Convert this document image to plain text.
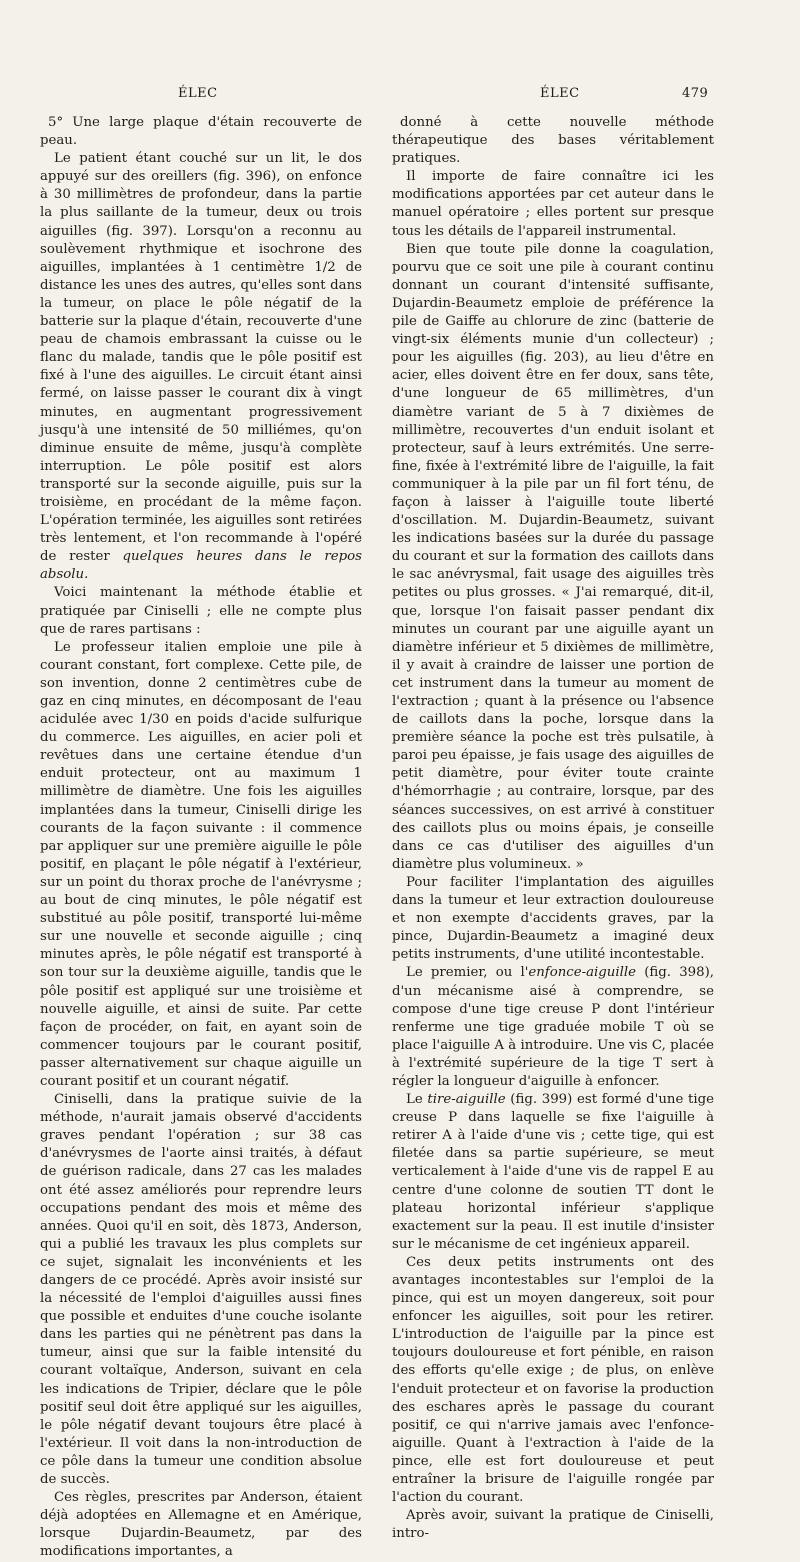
ÉLEC	ÉLEC	479

5° Une large plaque d'étain recouverte de peau.

Le patient étant couché sur un lit, le dos appuyé sur des oreillers (fig. 396), on enfonce à 30 millimètres de profondeur, dans la partie la plus saillante de la tumeur, deux ou trois aiguilles (fig. 397). Lorsqu'on a reconnu au soulèvement rhythmique et isochrone des aiguilles, implantées à 1 centimètre 1/2 de distance les unes des autres, qu'elles sont dans la tumeur, on place le pôle négatif de la batterie sur la plaque d'étain, recouverte d'une peau de chamois embrassant la cuisse ou le flanc du malade, tandis que le pôle positif est fixé à l'une des aiguilles. Le circuit étant ainsi fermé, on laisse passer le courant dix à vingt minutes, en augmentant progressivement jusqu'à une intensité de 50 milliémes, qu'on diminue ensuite de même, jusqu'à complète interruption. Le pôle positif est alors transporté sur la seconde aiguille, puis sur la troisième, en procédant de la même façon. L'opération terminée, les aiguilles sont retirées très lentement, et l'on recommande à l'opéré de rester quelques heures dans le repos absolu.

Voici maintenant la méthode établie et pratiquée par Ciniselli ; elle ne compte plus que de rares partisans :

Le professeur italien emploie une pile à courant constant, fort complexe. Cette pile, de son invention, donne 2 centimètres cube de gaz en cinq minutes, en décomposant de l'eau acidulée avec 1/30 en poids d'acide sulfurique du commerce. Les aiguilles, en acier poli et revêtues dans une certaine étendue d'un enduit protecteur, ont au maximum 1 millimètre de diamètre. Une fois les aiguilles implantées dans la tumeur, Ciniselli dirige les courants de la façon suivante : il commence par appliquer sur une première aiguille le pôle positif, en plaçant le pôle négatif à l'extérieur, sur un point du thorax proche de l'anévrysme ; au bout de cinq minutes, le pôle négatif est substitué au pôle positif, transporté lui-même sur une nouvelle et seconde aiguille ; cinq minutes après, le pôle négatif est transporté à son tour sur la deuxième aiguille, tandis que le pôle positif est appliqué sur une troisième et nouvelle aiguille, et ainsi de suite. Par cette façon de procéder, on fait, en ayant soin de commencer toujours par le courant positif, passer alternativement sur chaque aiguille un courant positif et un courant négatif.

Ciniselli, dans la pratique suivie de la méthode, n'aurait jamais observé d'accidents graves pendant l'opération ; sur 38 cas d'anévrysmes de l'aorte ainsi traités, à défaut de guérison radicale, dans 27 cas les malades ont été assez améliorés pour reprendre leurs occupations pendant des mois et même des années. Quoi qu'il en soit, dès 1873, Anderson, qui a publié les travaux les plus complets sur ce sujet, signalait les inconvénients et les dangers de ce procédé. Après avoir insisté sur la nécessité de l'emploi d'aiguilles aussi fines que possible et enduites d'une couche isolante dans les parties qui ne pénètrent pas dans la tumeur, ainsi que sur la faible intensité du courant voltaïque, Anderson, suivant en cela les indications de Tripier, déclare que le pôle positif seul doit être appliqué sur les aiguilles, le pôle négatif devant toujours être placé à l'extérieur. Il voit dans la non-introduction de ce pôle dans la tumeur une condition absolue de succès.

Ces règles, prescrites par Anderson, étaient déjà adoptées en Allemagne et en Amérique, lorsque Dujardin-Beaumetz, par des modifications importantes, a

donné à cette nouvelle méthode thérapeutique des bases véritablement pratiques.

Il importe de faire connaître ici les modifications apportées par cet auteur dans le manuel opératoire ; elles portent sur presque tous les détails de l'appareil instrumental.

Bien que toute pile donne la coagulation, pourvu que ce soit une pile à courant continu donnant un courant d'intensité suffisante, Dujardin-Beaumetz emploie de préférence la pile de Gaiffe au chlorure de zinc (batterie de vingt-six éléments munie d'un collecteur) ; pour les aiguilles (fig. 203), au lieu d'être en acier, elles doivent être en fer doux, sans tête, d'une longueur de 65 millimètres, d'un diamètre variant de 5 à 7 dixièmes de millimètre, recouvertes d'un enduit isolant et protecteur, sauf à leurs extrémités. Une serre-fine, fixée à l'extrémité libre de l'aiguille, la fait communiquer à la pile par un fil fort ténu, de façon à laisser à l'aiguille toute liberté d'oscillation. M. Dujardin-Beaumetz, suivant les indications basées sur la durée du passage du courant et sur la formation des caillots dans le sac anévrysmal, fait usage des aiguilles très petites ou plus grosses. « J'ai remarqué, dit-il, que, lorsque l'on faisait passer pendant dix minutes un courant par une aiguille ayant un diamètre inférieur et 5 dixièmes de millimètre, il y avait à craindre de laisser une portion de cet instrument dans la tumeur au moment de l'extraction ; quant à la présence ou l'absence de caillots dans la poche, lorsque dans la première séance la poche est très pulsatile, à paroi peu épaisse, je fais usage des aiguilles de petit diamètre, pour éviter toute crainte d'hémorrhagie ; au contraire, lorsque, par des séances successives, on est arrivé à constituer des caillots plus ou moins épais, je conseille dans ce cas d'utiliser des aiguilles d'un diamètre plus volumineux. »

Pour faciliter l'implantation des aiguilles dans la tumeur et leur extraction douloureuse et non exempte d'accidents graves, par la pince, Dujardin-Beaumetz a imaginé deux petits instruments, d'une utilité incontestable.

Le premier, ou l'enfonce-aiguille (fig. 398), d'un mécanisme aisé à comprendre, se compose d'une tige creuse P dont l'intérieur renferme une tige graduée mobile T où se place l'aiguille A à introduire. Une vis C, placée à l'extrémité supérieure de la tige T sert à régler la longueur d'aiguille à enfoncer.

Le tire-aiguille (fig. 399) est formé d'une tige creuse P dans laquelle se fixe l'aiguille à retirer A à l'aide d'une vis ; cette tige, qui est filetée dans sa partie supérieure, se meut verticalement à l'aide d'une vis de rappel E au centre d'une colonne de soutien TT dont le plateau horizontal inférieur s'applique exactement sur la peau. Il est inutile d'insister sur le mécanisme de cet ingénieux appareil.

Ces deux petits instruments ont des avantages incontestables sur l'emploi de la pince, qui est un moyen dangereux, soit pour enfoncer les aiguilles, soit pour les retirer. L'introduction de l'aiguille par la pince est toujours douloureuse et fort pénible, en raison des efforts qu'elle exige ; de plus, on enlève l'enduit protecteur et on favorise la production des eschares après le passage du courant positif, ce qui n'arrive jamais avec l'enfonce-aiguille. Quant à l'extraction à l'aide de la pince, elle est fort douloureuse et peut entraîner la brisure de l'aiguille rongée par l'action du courant.

Après avoir, suivant la pratique de Ciniselli, intro-
